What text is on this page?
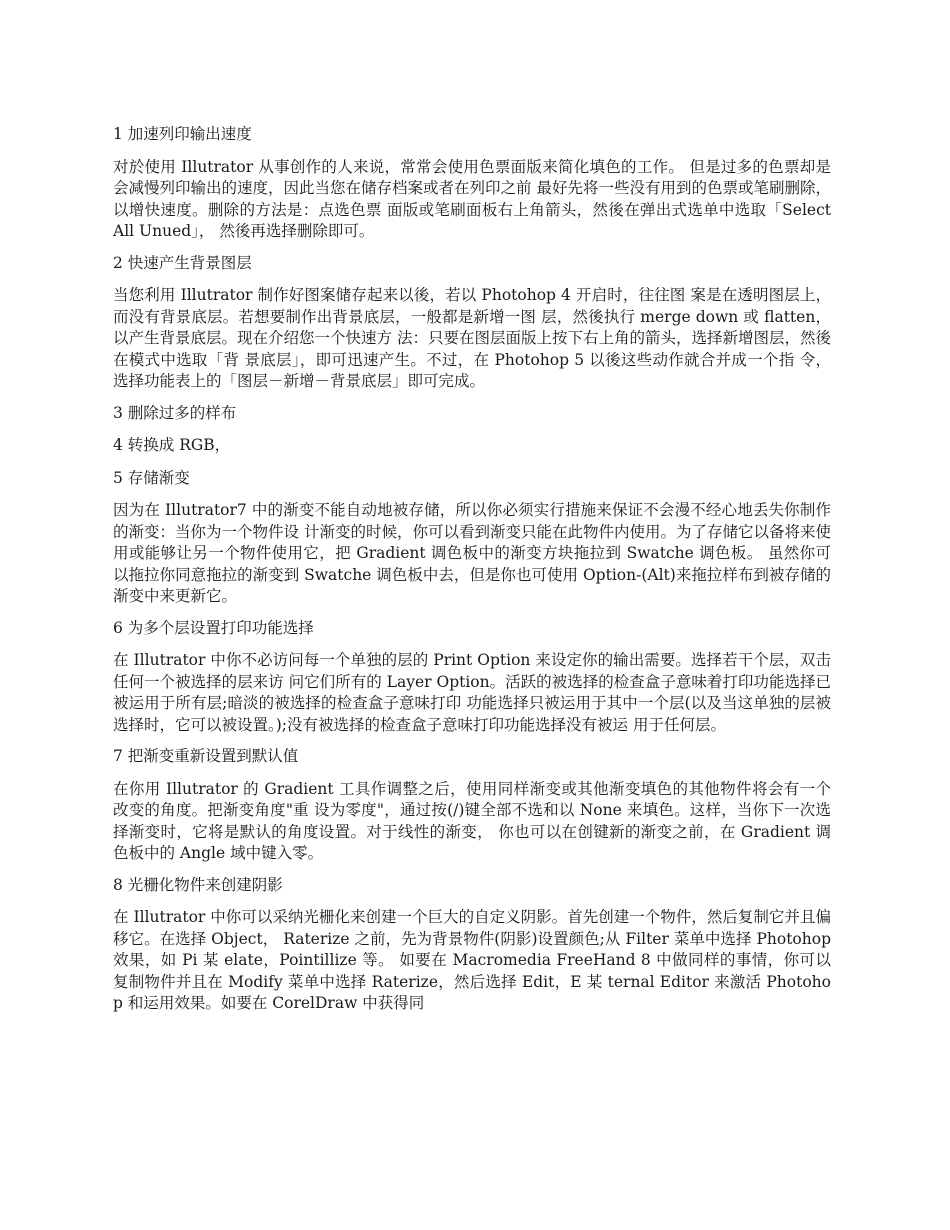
1 加速列印输出速度

对於使用 Illutrator 从事创作的人来说，常常会使用色票面版来简化填色的工作。 但是过多的色票却是会减慢列印输出的速度，因此当您在储存档案或者在列印之前 最好先将一些没有用到的色票或笔刷删除，以增快速度。删除的方法是：点选色票 面版或笔刷面板右上角箭头，然後在弹出式选单中选取「Select All Unued」， 然後再选择删除即可。

2 快速产生背景图层

当您利用 Illutrator 制作好图案储存起来以後，若以 Photohop 4 开启时，往往图 案是在透明图层上，而没有背景底层。若想要制作出背景底层，一般都是新增一图 层，然後执行 merge down 或 flatten，以产生背景底层。现在介绍您一个快速方 法：只要在图层面版上按下右上角的箭头，选择新增图层，然後在模式中选取「背 景底层」，即可迅速产生。不过，在 Photohop 5 以後这些动作就合并成一个指 令，选择功能表上的「图层－新增－背景底层」即可完成。

3 删除过多的样布

4 转换成 RGB，

5 存储渐变

因为在 Illutrator7 中的渐变不能自动地被存储，所以你必须实行措施来保证不会漫不经心地丢失你制作的渐变：当你为一个物件设 计渐变的时候，你可以看到渐变只能在此物件内使用。为了存储它以备将来使用或能够让另一个物件使用它，把 Gradient 调色板中的渐变方块拖拉到 Swatche 调色板。 虽然你可以拖拉你同意拖拉的渐变到 Swatche 调色板中去，但是你也可使用 Option-(Alt)来拖拉样布到被存储的渐变中来更新它。

6 为多个层设置打印功能选择

在 Illutrator 中你不必访问每一个单独的层的 Print Option 来设定你的输出需要。选择若干个层，双击任何一个被选择的层来访 问它们所有的 Layer Option。活跃的被选择的检查盒子意味着打印功能选择已被运用于所有层;暗淡的被选择的检查盒子意味打印 功能选择只被运用于其中一个层(以及当这单独的层被选择时，它可以被设置。);没有被选择的检查盒子意味打印功能选择没有被运 用于任何层。

7 把渐变重新设置到默认值

在你用 Illutrator 的 Gradient 工具作调整之后，使用同样渐变或其他渐变填色的其他物件将会有一个改变的角度。把渐变角度"重 设为零度"，通过按(/)键全部不选和以 None 来填色。这样，当你下一次选择渐变时，它将是默认的角度设置。对于线性的渐变， 你也可以在创键新的渐变之前，在 Gradient 调色板中的 Angle 域中键入零。

8 光栅化物件来创建阴影

在 Illutrator 中你可以采纳光栅化来创建一个巨大的自定义阴影。首先创建一个物件，然后复制它并且偏移它。在选择 Object， Raterize 之前，先为背景物件(阴影)设置颜色;从 Filter 菜单中选择 Photohop 效果，如 Pi 某 elate，Pointillize 等。 如要在 Macromedia FreeHand 8 中做同样的事情，你可以复制物件并且在 Modify 菜单中选择 Raterize，然后选择 Edit，E 某 ternal Editor 来激活 Photohop 和运用效果。如要在 CorelDraw 中获得同
